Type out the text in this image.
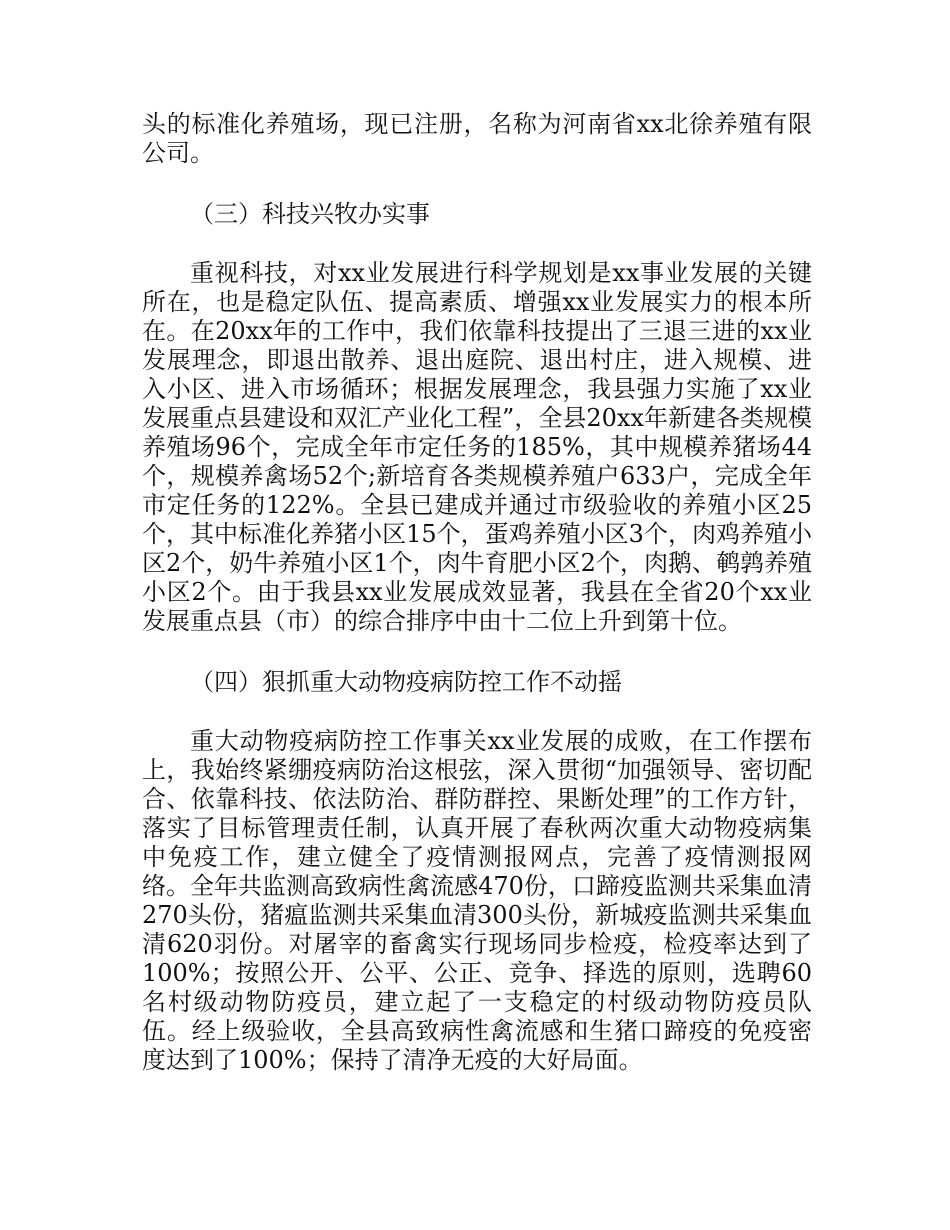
头的标准化养殖场，现已注册，名称为河南省xx北徐养殖有限公司。

（三）科技兴牧办实事

重视科技，对xx业发展进行科学规划是xx事业发展的关键所在，也是稳定队伍、提高素质、增强xx业发展实力的根本所在。在20xx年的工作中，我们依靠科技提出了三退三进的xx业发展理念，即退出散养、退出庭院、退出村庄，进入规模、进入小区、进入市场循环；根据发展理念，我县强力实施了xx业发展重点县建设和双汇产业化工程”，全县20xx年新建各类规模养殖场96个，完成全年市定任务的185%，其中规模养猪场44个，规模养禽场52个;新培育各类规模养殖户633户，完成全年市定任务的122%。全县已建成并通过市级验收的养殖小区25个，其中标准化养猪小区15个，蛋鸡养殖小区3个，肉鸡养殖小区2个，奶牛养殖小区1个，肉牛育肥小区2个，肉鹅、鹌鹑养殖小区2个。由于我县xx业发展成效显著，我县在全省20个xx业发展重点县（市）的综合排序中由十二位上升到第十位。

（四）狠抓重大动物疫病防控工作不动摇

重大动物疫病防控工作事关xx业发展的成败，在工作摆布上，我始终紧绷疫病防治这根弦，深入贯彻“加强领导、密切配合、依靠科技、依法防治、群防群控、果断处理”的工作方针，落实了目标管理责任制，认真开展了春秋两次重大动物疫病集中免疫工作，建立健全了疫情测报网点，完善了疫情测报网络。全年共监测高致病性禽流感470份，口蹄疫监测共采集血清270头份，猪瘟监测共采集血清300头份，新城疫监测共采集血清620羽份。对屠宰的畜禽实行现场同步检疫，检疫率达到了100%；按照公开、公平、公正、竞争、择选的原则，选聘60名村级动物防疫员，建立起了一支稳定的村级动物防疫员队伍。经上级验收，全县高致病性禽流感和生猪口蹄疫的免疫密度达到了100%；保持了清净无疫的大好局面。
